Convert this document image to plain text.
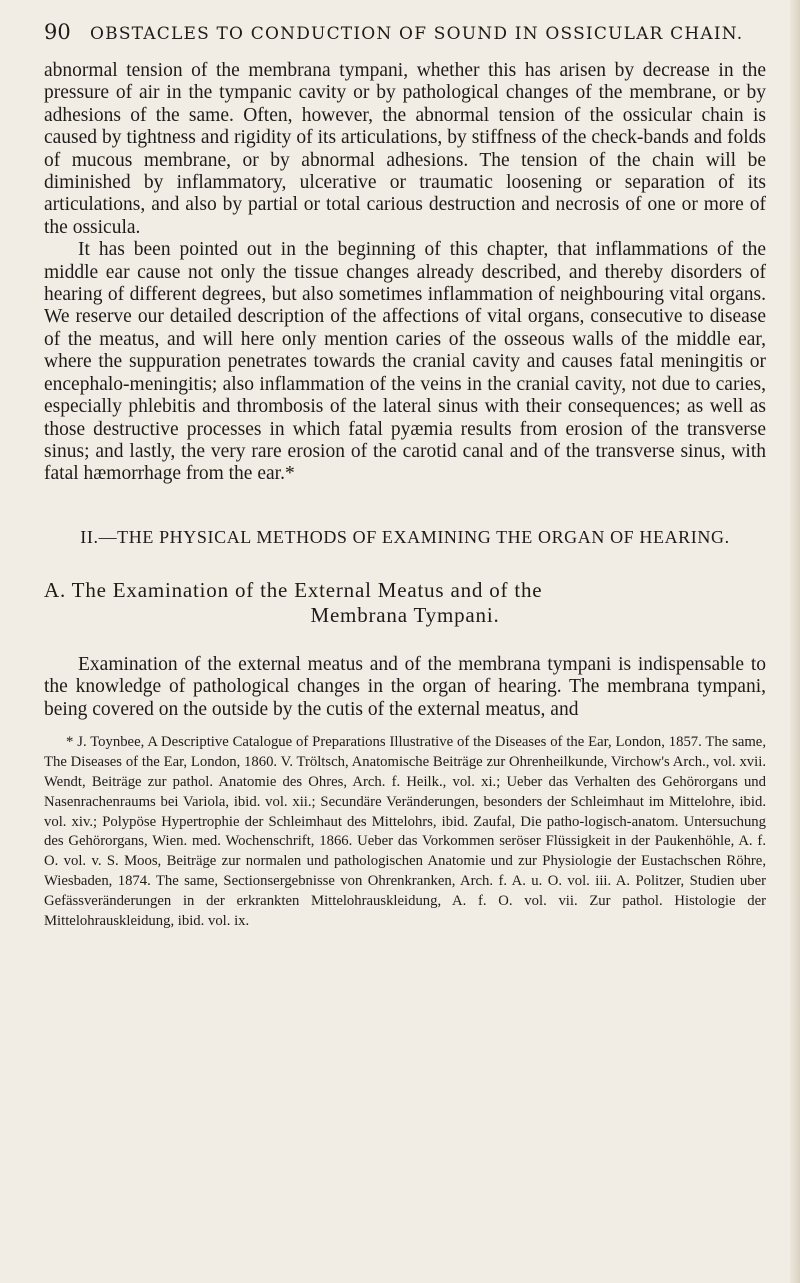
90	OBSTACLES TO CONDUCTION OF SOUND IN OSSICULAR CHAIN.

abnormal tension of the membrana tympani, whether this has arisen by decrease in the pressure of air in the tympanic cavity or by pathological changes of the membrane, or by adhesions of the same. Often, however, the abnormal tension of the ossicular chain is caused by tightness and rigidity of its articulations, by stiffness of the check-bands and folds of mucous membrane, or by abnormal adhesions. The tension of the chain will be diminished by inflammatory, ulcerative or traumatic loosening or separation of its articulations, and also by partial or total carious destruction and necrosis of one or more of the ossicula.

It has been pointed out in the beginning of this chapter, that inflammations of the middle ear cause not only the tissue changes already described, and thereby disorders of hearing of different degrees, but also sometimes inflammation of neighbouring vital organs. We reserve our detailed description of the affections of vital organs, consecutive to disease of the meatus, and will here only mention caries of the osseous walls of the middle ear, where the suppuration penetrates towards the cranial cavity and causes fatal meningitis or encephalo-meningitis; also inflammation of the veins in the cranial cavity, not due to caries, especially phlebitis and thrombosis of the lateral sinus with their consequences; as well as those destructive processes in which fatal pyæmia results from erosion of the transverse sinus; and lastly, the very rare erosion of the carotid canal and of the transverse sinus, with fatal hæmorrhage from the ear.*

II.—THE PHYSICAL METHODS OF EXAMINING THE ORGAN OF HEARING.
A. The Examination of the External Meatus and of the
Membrana Tympani.

Examination of the external meatus and of the membrana tympani is indispensable to the knowledge of pathological changes in the organ of hearing. The membrana tympani, being covered on the outside by the cutis of the external meatus, and

* J. Toynbee, A Descriptive Catalogue of Preparations Illustrative of the Diseases of the Ear, London, 1857. The same, The Diseases of the Ear, London, 1860. V. Tröltsch, Anatomische Beiträge zur Ohrenheilkunde, Virchow's Arch., vol. xvii. Wendt, Beiträge zur pathol. Anatomie des Ohres, Arch. f. Heilk., vol. xi.; Ueber das Verhalten des Gehörorgans und Nasenrachenraums bei Variola, ibid. vol. xii.; Secundäre Veränderungen, besonders der Schleimhaut im Mittelohre, ibid. vol. xiv.; Polypöse Hypertrophie der Schleimhaut des Mittelohrs, ibid. Zaufal, Die patho-logisch-anatom. Untersuchung des Gehörorgans, Wien. med. Wochenschrift, 1866. Ueber das Vorkommen seröser Flüssigkeit in der Paukenhöhle, A. f. O. vol. v. S. Moos, Beiträge zur normalen und pathologischen Anatomie und zur Physiologie der Eustachschen Röhre, Wiesbaden, 1874. The same, Sectionsergebnisse von Ohrenkranken, Arch. f. A. u. O. vol. iii. A. Politzer, Studien uber Gefässveränderungen in der erkrankten Mittelohrauskleidung, A. f. O. vol. vii. Zur pathol. Histologie der Mittelohrauskleidung, ibid. vol. ix.
